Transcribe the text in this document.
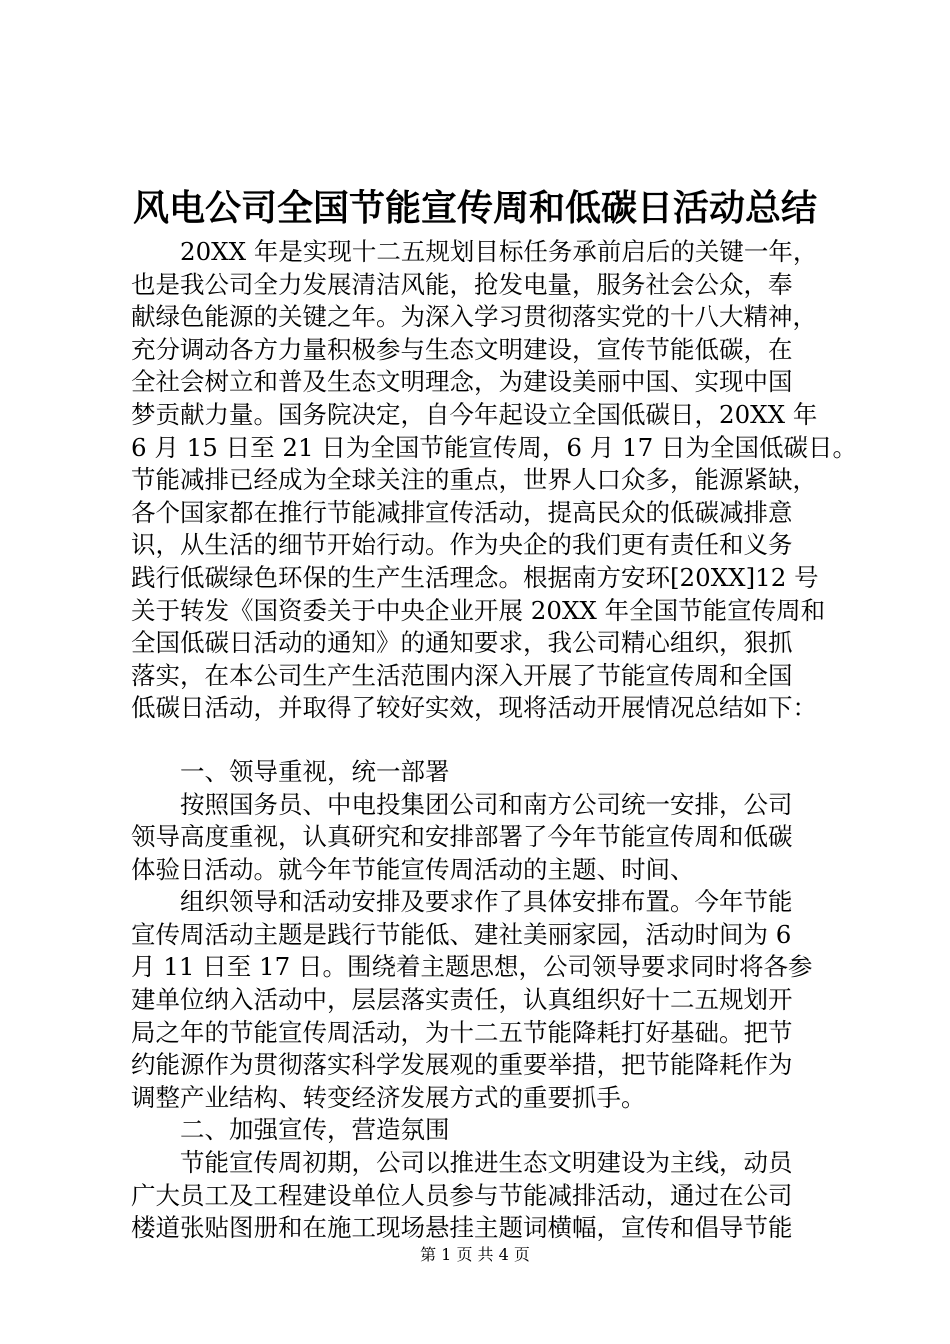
风电公司全国节能宣传周和低碳日活动总结
20XX 年是实现十二五规划目标任务承前启后的关键一年，
也是我公司全力发展清洁风能，抢发电量，服务社会公众，奉
献绿色能源的关键之年。为深入学习贯彻落实党的十八大精神，
充分调动各方力量积极参与生态文明建设，宣传节能低碳，在
全社会树立和普及生态文明理念，为建设美丽中国、实现中国
梦贡献力量。国务院决定，自今年起设立全国低碳日，20XX 年
6 月 15 日至 21 日为全国节能宣传周，6 月 17 日为全国低碳日。
节能减排已经成为全球关注的重点，世界人口众多，能源紧缺，
各个国家都在推行节能减排宣传活动，提高民众的低碳减排意
识，从生活的细节开始行动。作为央企的我们更有责任和义务
践行低碳绿色环保的生产生活理念。根据南方安环[20XX]12 号
关于转发《国资委关于中央企业开展 20XX 年全国节能宣传周和
全国低碳日活动的通知》的通知要求，我公司精心组织，狠抓
落实，在本公司生产生活范围内深入开展了节能宣传周和全国
低碳日活动，并取得了较好实效，现将活动开展情况总结如下：
一、领导重视，统一部署
按照国务员、中电投集团公司和南方公司统一安排，公司
领导高度重视，认真研究和安排部署了今年节能宣传周和低碳
体验日活动。就今年节能宣传周活动的主题、时间、
组织领导和活动安排及要求作了具体安排布置。今年节能
宣传周活动主题是践行节能低、建社美丽家园，活动时间为 6
月 11 日至 17 日。围绕着主题思想，公司领导要求同时将各参
建单位纳入活动中，层层落实责任，认真组织好十二五规划开
局之年的节能宣传周活动，为十二五节能降耗打好基础。把节
约能源作为贯彻落实科学发展观的重要举措，把节能降耗作为
调整产业结构、转变经济发展方式的重要抓手。
二、加强宣传，营造氛围
节能宣传周初期，公司以推进生态文明建设为主线，动员
广大员工及工程建设单位人员参与节能减排活动，通过在公司
楼道张贴图册和在施工现场悬挂主题词横幅，宣传和倡导节能
第 1 页 共 4 页
